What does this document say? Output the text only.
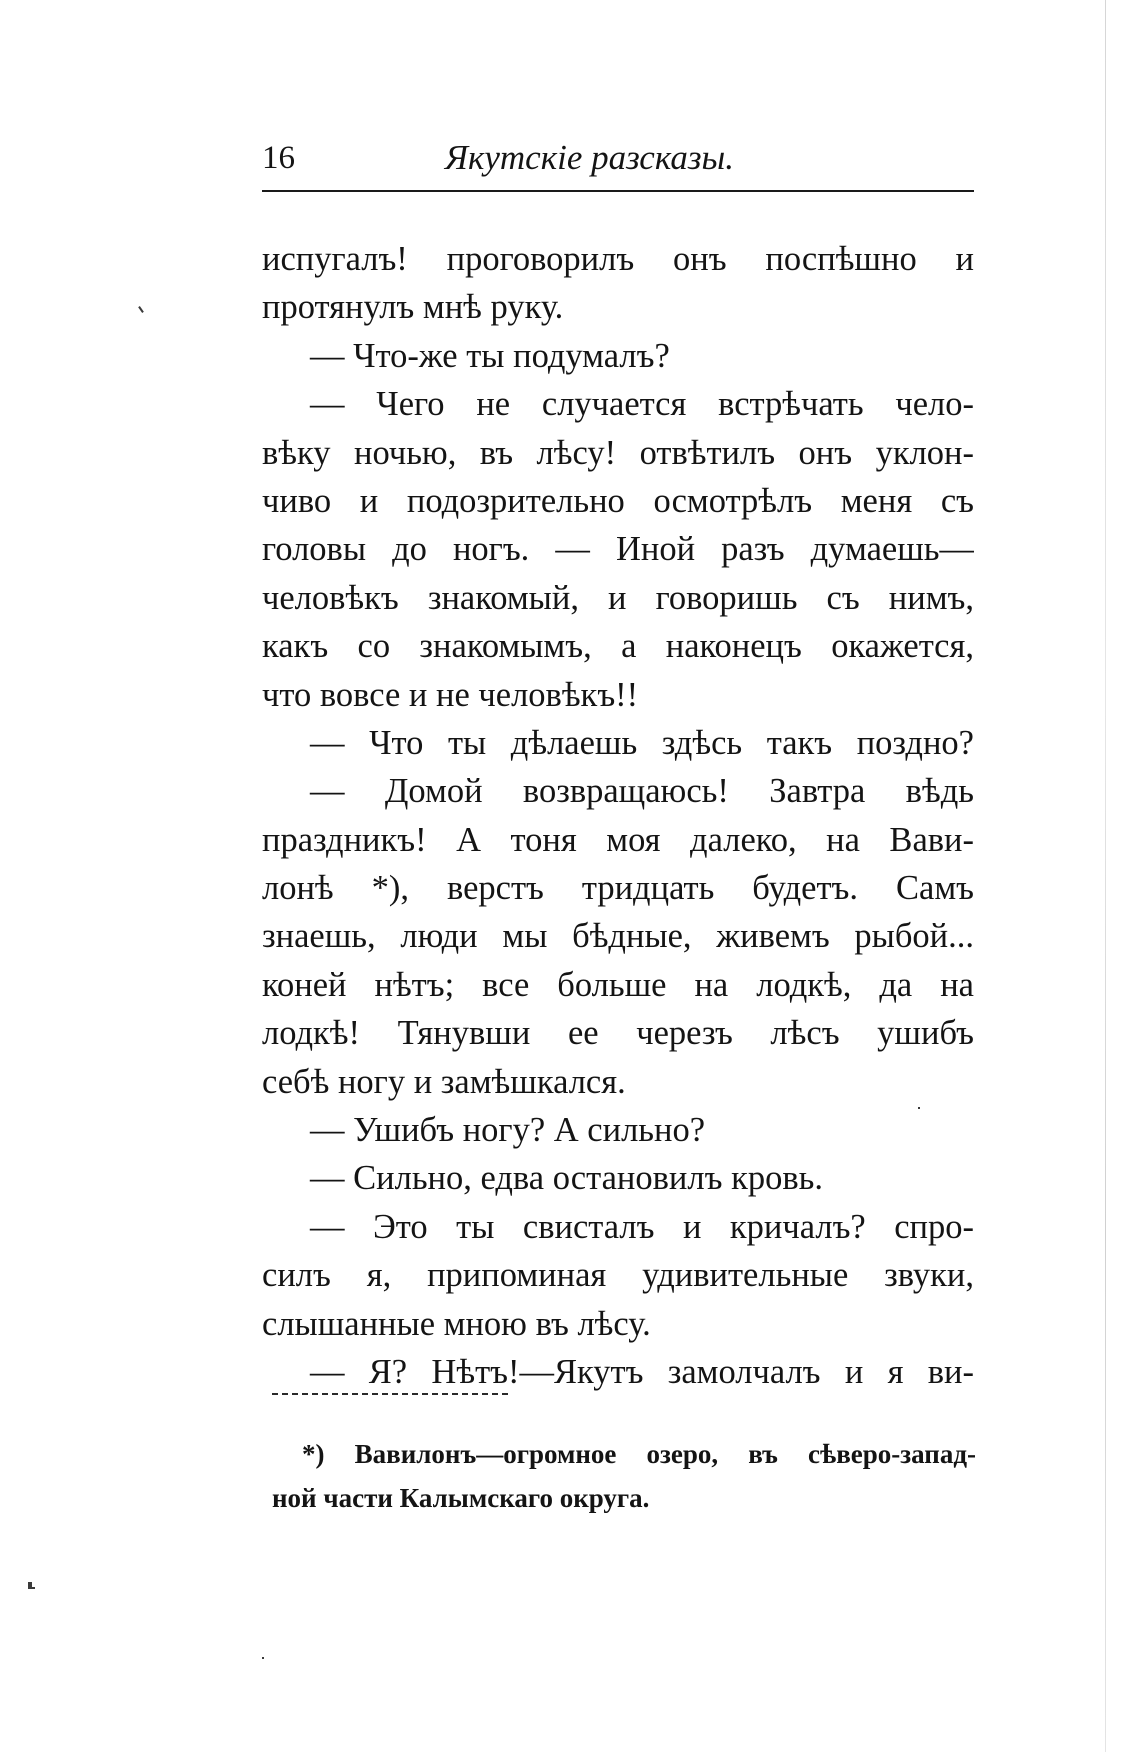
16	Якутскіе разсказы.
испугалъ! проговорилъ онъ поспѣшно и
протянулъ мнѣ руку.
— Что-же ты подумалъ?
— Чего не случается встрѣчать чело-
вѣку ночью, въ лѣсу! отвѣтилъ онъ уклон-
чиво и подозрительно осмотрѣлъ меня съ
головы до ногъ. — Иной разъ думаешь—
человѣкъ знакомый, и говоришь съ нимъ,
какъ со знакомымъ, а наконецъ окажется,
что вовсе и не человѣкъ!!
— Что ты дѣлаешь здѣсь такъ поздно?
— Домой возвращаюсь! Завтра вѣдь
праздникъ! А тоня моя далеко, на Вави-
лонѣ *), верстъ тридцать будетъ. Самъ
знаешь, люди мы бѣдные, живемъ рыбой...
коней нѣтъ; все больше на лодкѣ, да на
лодкѣ! Тянувши ее черезъ лѣсъ ушибъ
себѣ ногу и замѣшкался.
— Ушибъ ногу? А сильно?
— Сильно, едва остановилъ кровь.
— Это ты свисталъ и кричалъ? спро-
силъ я, припоминая удивительные звуки,
слышанные мною въ лѣсу.
— Я? Нѣтъ!—Якутъ замолчалъ и я ви-
*) Вавилонъ—огромное озеро, въ сѣверо-запад-
ной части Калымскаго округа.
